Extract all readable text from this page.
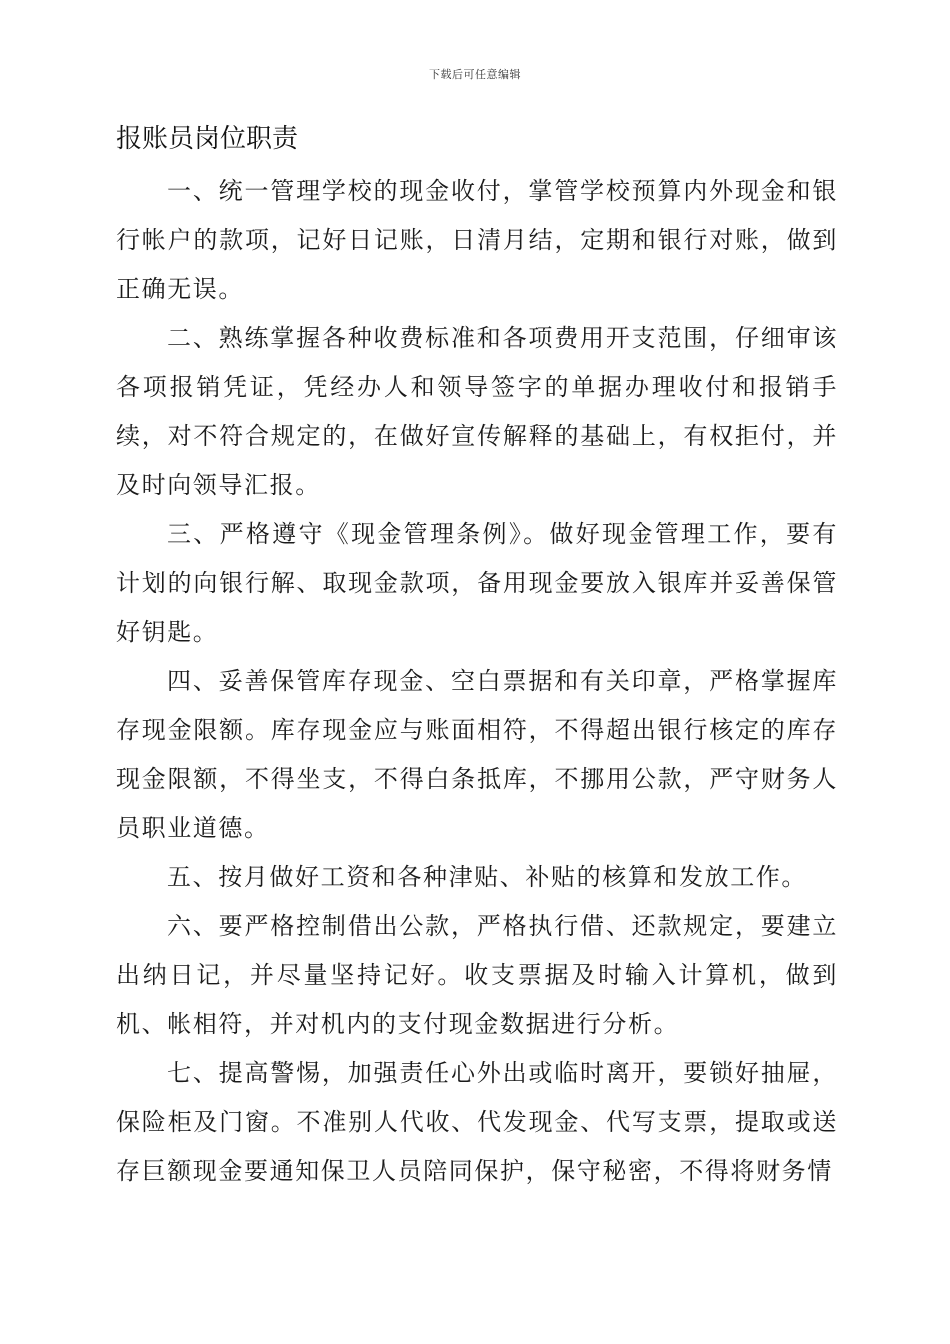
下载后可任意编辑
报账员岗位职责

一、统一管理学校的现金收付，掌管学校预算内外现金和银行帐户的款项，记好日记账，日清月结，定期和银行对账，做到正确无误。

二、熟练掌握各种收费标准和各项费用开支范围，仔细审该各项报销凭证，凭经办人和领导签字的单据办理收付和报销手续，对不符合规定的，在做好宣传解释的基础上，有权拒付，并及时向领导汇报。

三、严格遵守《现金管理条例》。做好现金管理工作，要有计划的向银行解、取现金款项，备用现金要放入银库并妥善保管好钥匙。

四、妥善保管库存现金、空白票据和有关印章，严格掌握库存现金限额。库存现金应与账面相符，不得超出银行核定的库存现金限额，不得坐支，不得白条抵库，不挪用公款，严守财务人员职业道德。

五、按月做好工资和各种津贴、补贴的核算和发放工作。

六、要严格控制借出公款，严格执行借、还款规定，要建立出纳日记，并尽量坚持记好。收支票据及时输入计算机，做到机、帐相符，并对机内的支付现金数据进行分析。

七、提高警惕，加强责任心外出或临时离开，要锁好抽屉，保险柜及门窗。不准别人代收、代发现金、代写支票，提取或送存巨额现金要通知保卫人员陪同保护，保守秘密，不得将财务情
